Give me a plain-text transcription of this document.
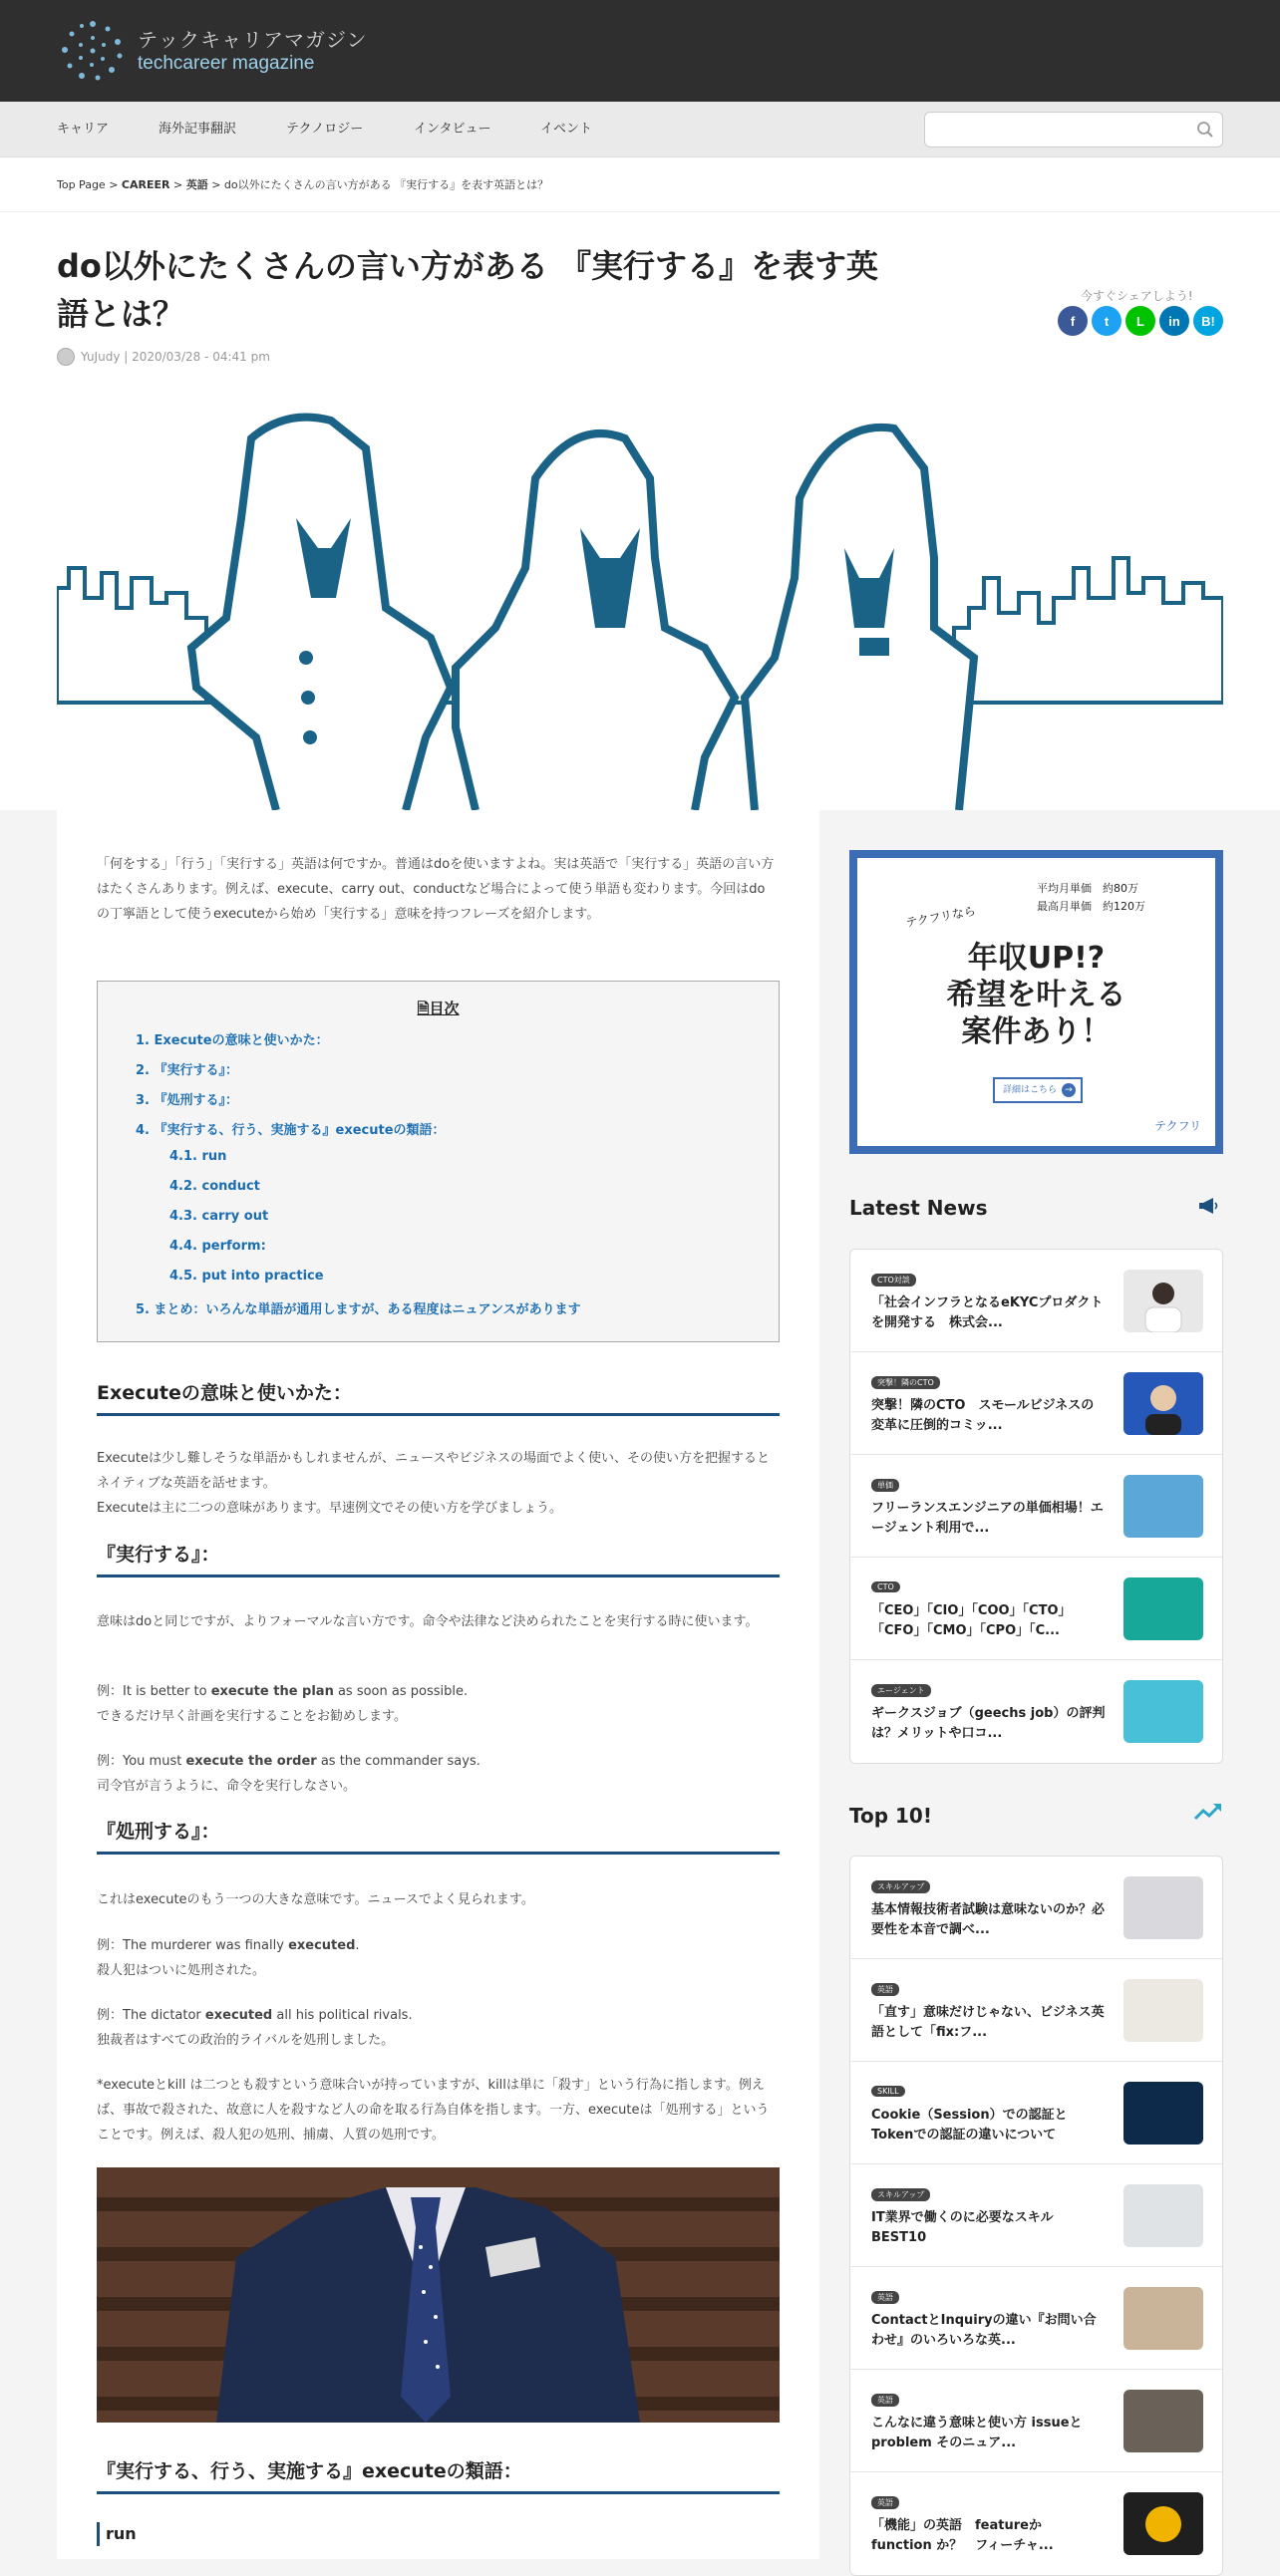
テックキャリアマガジン
techcareer magazine
キャリア	海外記事翻訳	テクノロジー	インタビュー	イベント
Top Page > CAREER > 英語 > do以外にたくさんの言い方がある 『実行する』を表す英語とは？
do以外にたくさんの言い方がある 『実行する』を表す英語とは？
YuJudy | 2020/03/28 - 04:41 pm
今すぐシェアしよう!
f	t	L	in	B!

「何をする」「行う」「実行する」英語は何ですか。普通はdoを使いますよね。実は英語で「実行する」英語の言い方はたくさんあります。例えば、execute、carry out、conductなど場合によって使う単語も変わります。今回はdoの丁寧語として使うexecuteから始め「実行する」意味を持つフレーズを紹介します。

🗎目次
1. Executeの意味と使いかた：
2. 『実行する』：
3. 『処刑する』：
4. 『実行する、行う、実施する』executeの類語：
4.1. run
4.2. conduct
4.3. carry out
4.4. perform:
4.5. put into practice
5. まとめ：いろんな単語が通用しますが、ある程度はニュアンスがあります
Executeの意味と使いかた：

Executeは少し難しそうな単語かもしれませんが、ニュースやビジネスの場面でよく使い、その使い方を把握するとネイティブな英語を話せます。

Executeは主に二つの意味があります。早速例文でその使い方を学びましょう。

『実行する』：

意味はdoと同じですが、よりフォーマルな言い方です。命令や法律など決められたことを実行する時に使います。

例：It is better to execute the plan as soon as possible.
できるだけ早く計画を実行することをお勧めします。

例：You must execute the order as the commander says.
司令官が言うように、命令を実行しなさい。

『処刑する』：

これはexecuteのもう一つの大きな意味です。ニュースでよく見られます。

例：The murderer was finally executed.
殺人犯はついに処刑された。

例：The dictator executed all his political rivals.
独裁者はすべての政治的ライバルを処刑しました。

*executeとkill は二つとも殺すという意味合いが持っていますが、killは単に「殺す」という行為に指します。例えば、事故で殺された、故意に人を殺すなど人の命を取る行為自体を指します。一方、executeは「処刑する」ということです。例えば、殺人犯の処刑、捕虜、人質の処刑です。

『実行する、行う、実施する』executeの類語：
run
テクフリなら
平均月単価　約80万
最高月単価　約120万
年収UP!?
希望を叶える
案件あり！
詳細はこちら →
テクフリ
Latest News
CTO対談
「社会インフラとなるeKYCプロダクトを開発する　株式会...
突撃！隣のCTO
突撃！隣のCTO　スモールビジネスの変革に圧倒的コミッ...
単価
フリーランスエンジニアの単価相場！エージェント利用で...
CTO
「CEO」「CIO」「COO」「CTO」「CFO」「CMO」「CPO」「C...
エージェント
ギークスジョブ（geechs job）の評判は？メリットや口コ...
Top 10!
スキルアップ
基本情報技術者試験は意味ないのか？必要性を本音で調べ...
英語
「直す」意味だけじゃない、ビジネス英語として「fix:フ...
SKILL
Cookie（Session）での認証とTokenでの認証の違いについて
スキルアップ
IT業界で働くのに必要なスキルBEST10
英語
ContactとInquiryの違い『お問い合わせ』のいろいろな英...
英語
こんなに違う意味と使い方 issueとproblem そのニュア...
英語
「機能」の英語　featureか　function か？　フィーチャ...
